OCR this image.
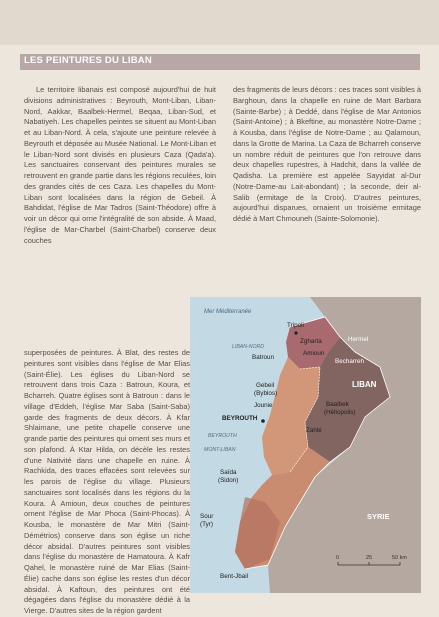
LES PEINTURES DU LIBAN

Le territoire libanais est composé aujourd'hui de huit divisions administratives : Beyrouth, Mont-Liban, Liban-Nord, Aakkar, Baalbek-Hermel, Beqaa, Liban-Sud, et Nabatiyeh. Les chapelles peintes se situent au Mont-Liban et au Liban-Nord. À cela, s'ajoute une peinture relevée à Beyrouth et déposée au Musée National. Le Mont-Liban et le Liban-Nord sont divisés en plusieurs Caza (Qada'a). Les sanctuaires conservant des peintures murales se retrouvent en grande partie dans les régions reculées, loin des grandes cités de ces Caza. Les chapelles du Mont-Liban sont localisées dans la région de Gebeil. À Bahdidat, l'église de Mar Tadros (Saint-Théodore) offre à voir un décor qui orne l'intégralité de son abside. À Maad, l'église de Mar-Charbel (Saint-Charbel) conserve deux couches

superposées de peintures. À Blat, des restes de peintures sont visibles dans l'église de Mar Elias (Saint-Élie). Les églises du Liban-Nord se retrouvent dans trois Caza : Batroun, Koura, et Bcharreh. Quatre églises sont à Batroun : dans le village d'Eddeh, l'église Mar Saba (Saint-Saba) garde des fragments de deux décors. À Kfar Shlaimane, une petite chapelle conserve une grande partie des peintures qui ornent ses murs et son plafond. À Ktar Hilda, on décèle les restes d'une Nativité dans une chapelle en ruine. À Rachkida, des traces effacées sont relevées sur les parois de l'église du village. Plusieurs sanctuaires sont localisés dans les régions du la Koura. À Amioun, deux couches de peintures ornent l'église de Mar Phoca (Saint-Phocas). À Kousba, le monastère de Mar Mitri (Saint-Démétrios) conserve dans son église un riche décor absidal. D'autres peintures sont visibles dans l'église du monastère de Hamatoura. À Kafr Qahel, le monastère ruiné de Mar Elias (Saint-Élie) cache dans son église les restes d'un décor absidal. À Kaftoun, des peintures ont été dégagées dans l'église du monastère dédié à la Vierge. D'autres sites de la région gardent

des fragments de leurs décors : ces traces sont visibles à Barghoun, dans la chapelle en ruine de Mart Barbara (Sainte-Barbe) ; à Deddé, dans l'église de Mar Antonios (Saint-Antoine) ; à Bkeftine, au monastère Notre-Dame ; à Kousba, dans l'église de Notre-Dame ; au Qalamoun, dans la Grotte de Marina. La Caza de Bcharreh conserve un nombre réduit de peintures que l'on retrouve dans deux chapelles rupestres, à Hadchit, dans la vallée de Qadisha. La première est appelée Sayyidat al-Dur (Notre-Dame-au Lait-abondant) ; la seconde, deir al-Salib (ermitage de la Croix). D'autres peintures, aujourd'hui disparues, ornaient un troisième ermitage dédié à Mart Chmouneh (Sainte-Solomonie).

Mer Méditerranée
Tripoli
Zgharta	Hermel
LIBAN-NORD
Amioun
Batroun
Becharreh
Gebeil
(Byblos)
Jounie
BEYROUTH
BEYROUTH
MONT-LIBAN
LIBAN
Baalbek
(Héliopolis)
Zahlé
Saïda
(Sidon)
Sour
(Tyr)
SYRIE
Bent-Jbail
0	25	50 km
